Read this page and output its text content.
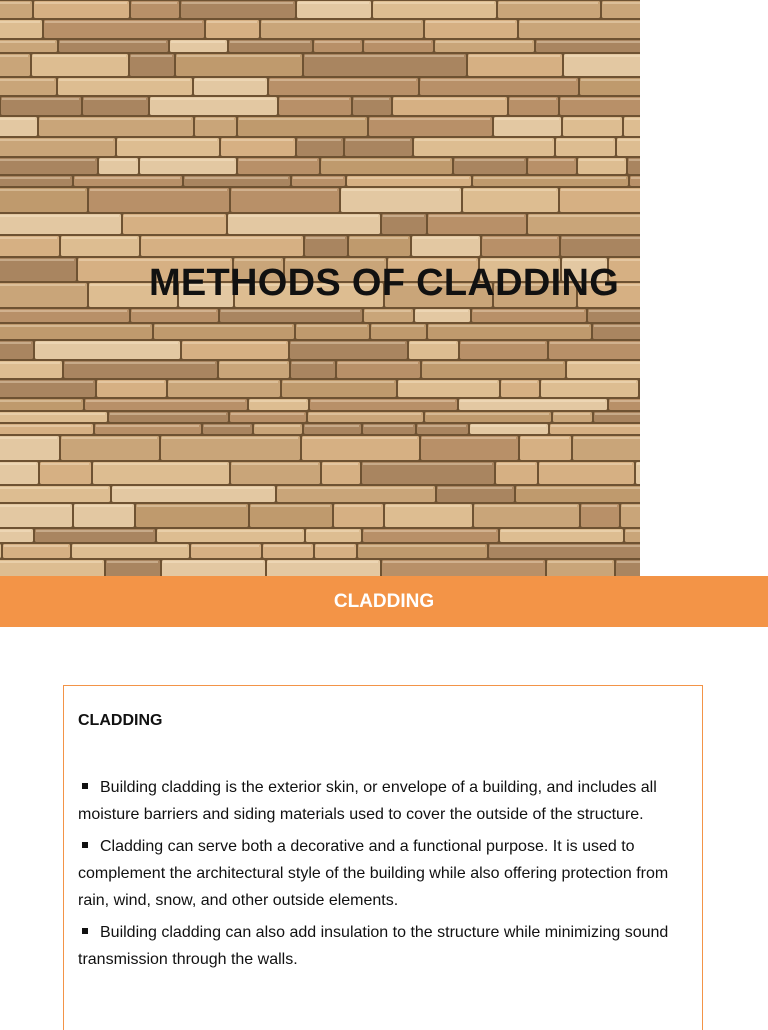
METHODS OF CLADDING
CLADDING

CLADDING

Building cladding is the exterior skin, or envelope of a building, and includes all moisture barriers and siding materials used to cover the outside of the structure.

Cladding can serve both a decorative and a functional purpose. It is used to complement the architectural style of the building while also offering protection from rain, wind, snow, and other outside elements.

Building cladding can also add insulation to the structure while minimizing sound transmission through the walls.
